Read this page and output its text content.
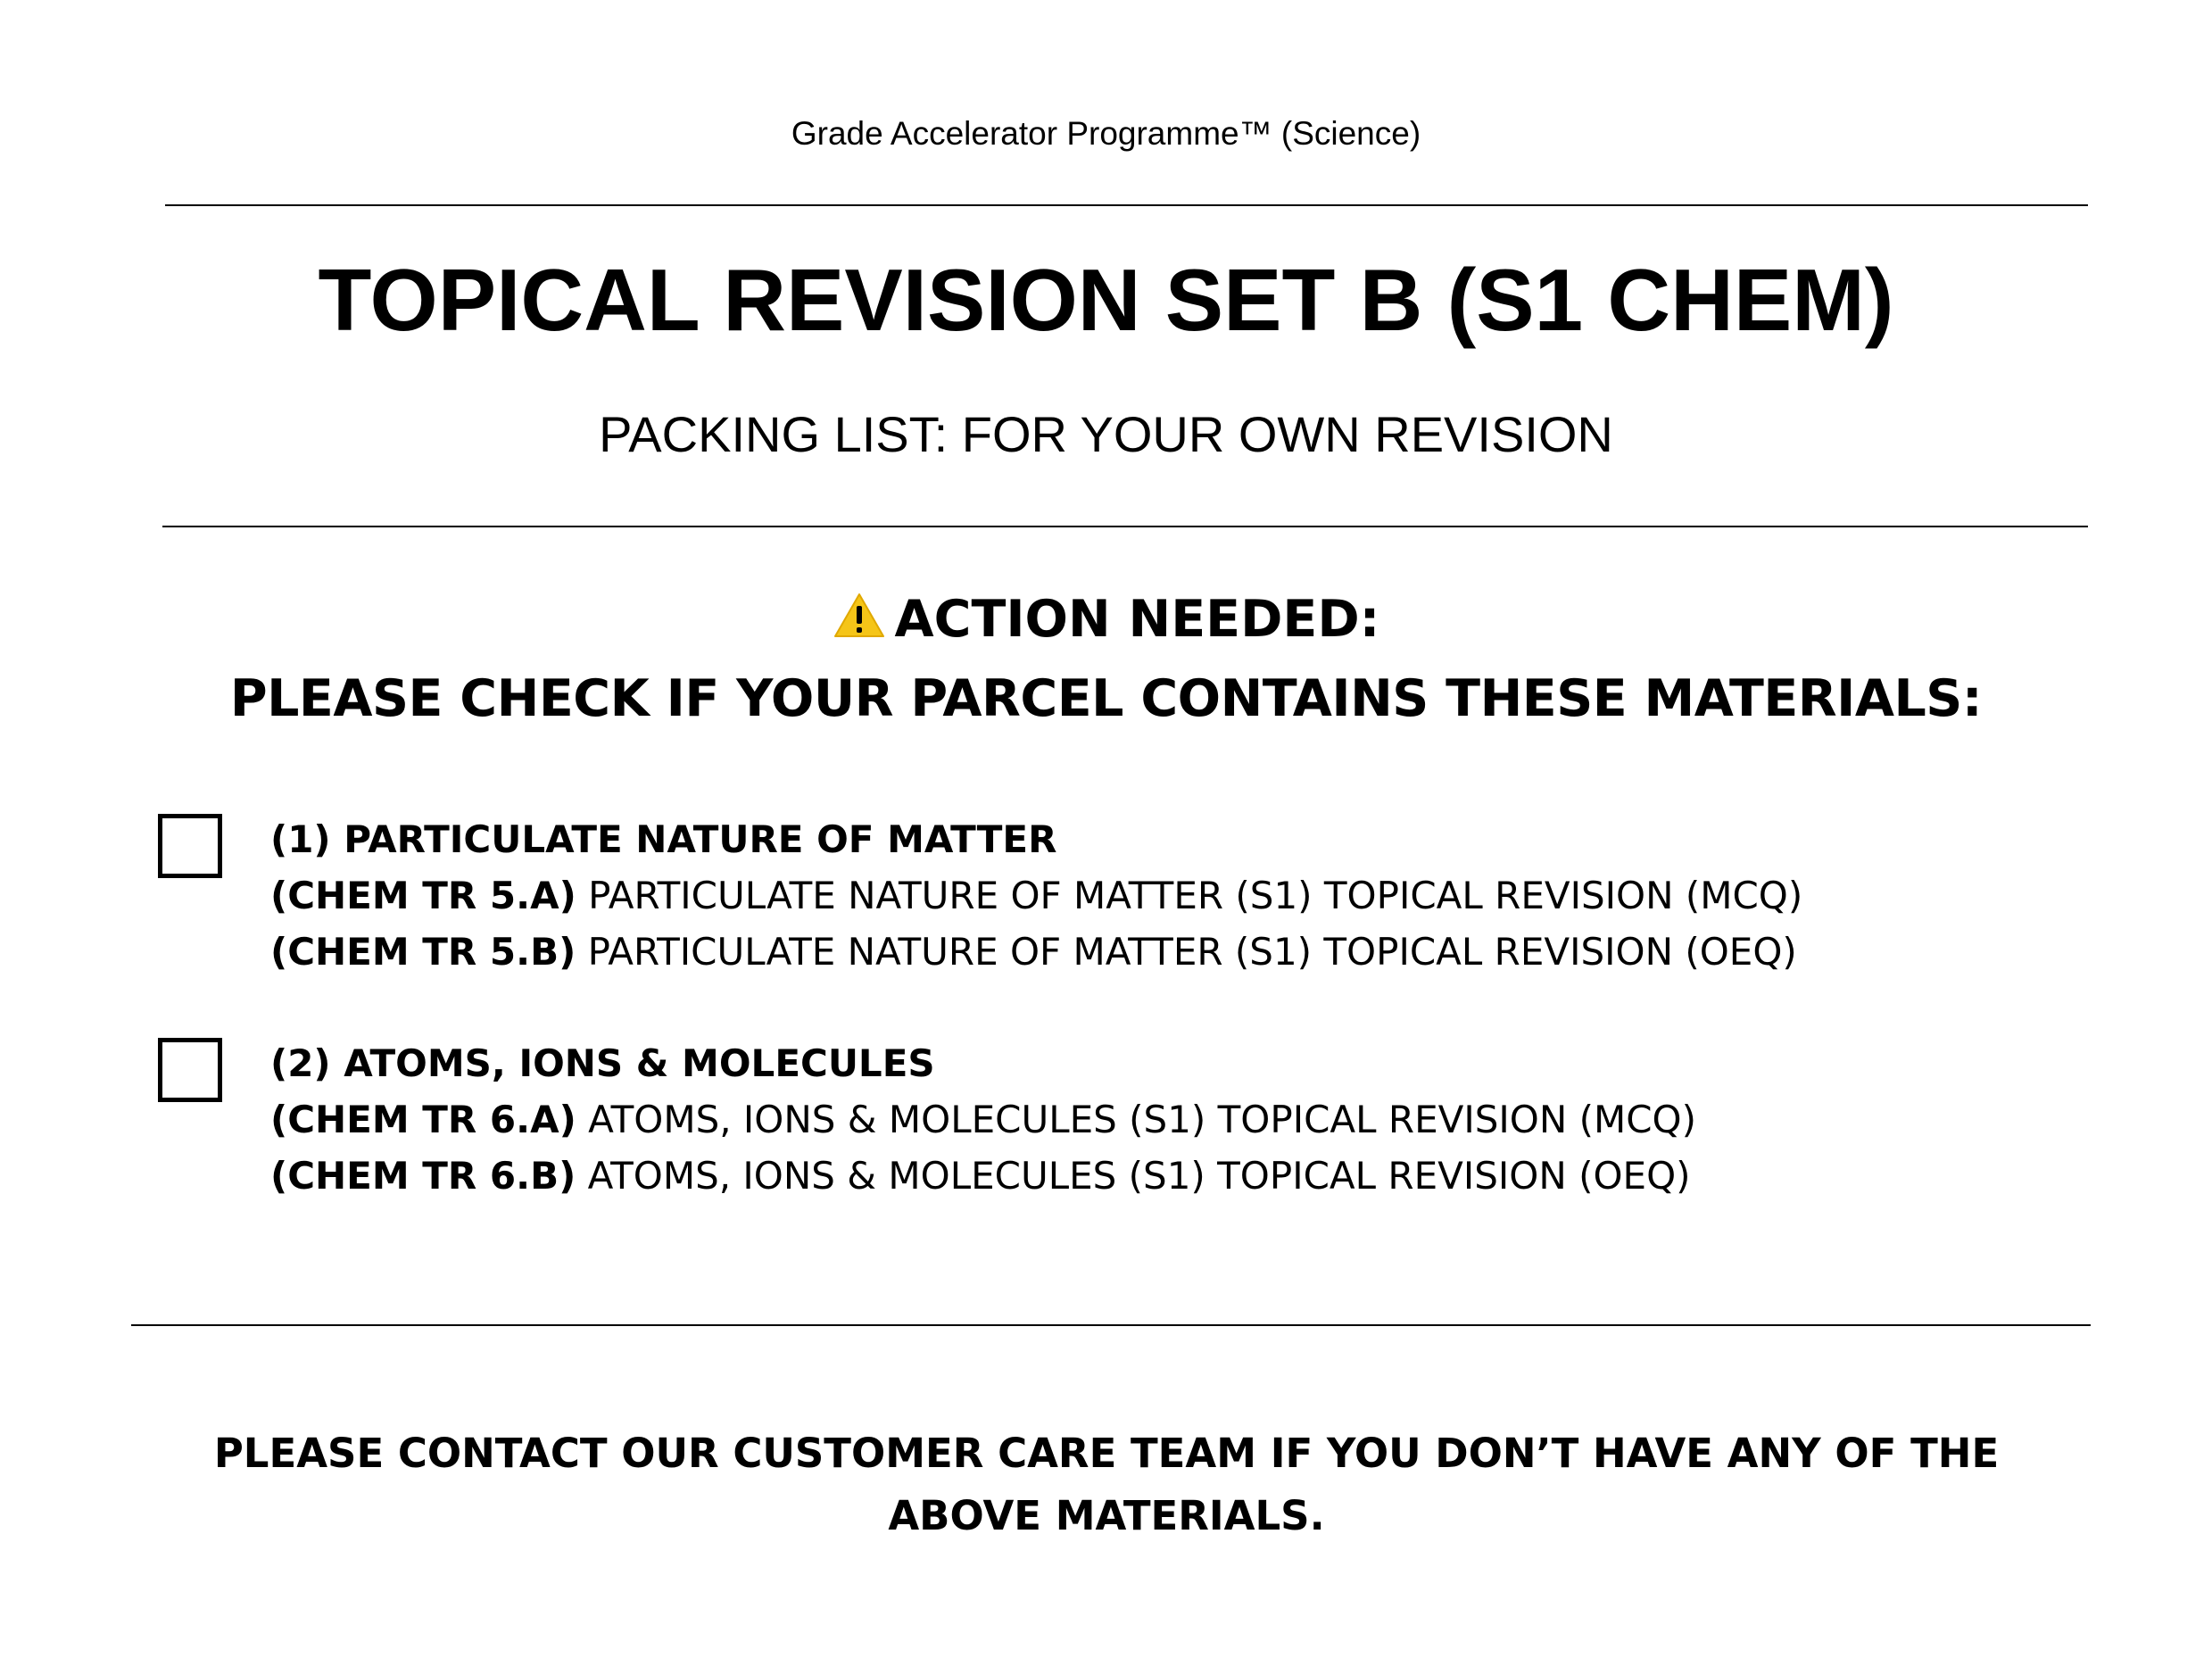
Grade Accelerator Programme™ (Science)
TOPICAL REVISION SET B (S1 CHEM)
PACKING LIST: FOR YOUR OWN REVISION
ACTION NEEDED:
PLEASE CHECK IF YOUR PARCEL CONTAINS THESE MATERIALS:
(1) PARTICULATE NATURE OF MATTER
(CHEM TR 5.A) PARTICULATE NATURE OF MATTER (S1) TOPICAL REVISION (MCQ)
(CHEM TR 5.B) PARTICULATE NATURE OF MATTER (S1) TOPICAL REVISION (OEQ)
(2) ATOMS, IONS & MOLECULES
(CHEM TR 6.A) ATOMS, IONS & MOLECULES (S1) TOPICAL REVISION (MCQ)
(CHEM TR 6.B) ATOMS, IONS & MOLECULES (S1) TOPICAL REVISION (OEQ)
PLEASE CONTACT OUR CUSTOMER CARE TEAM IF YOU DON’T HAVE ANY OF THE
ABOVE MATERIALS.
